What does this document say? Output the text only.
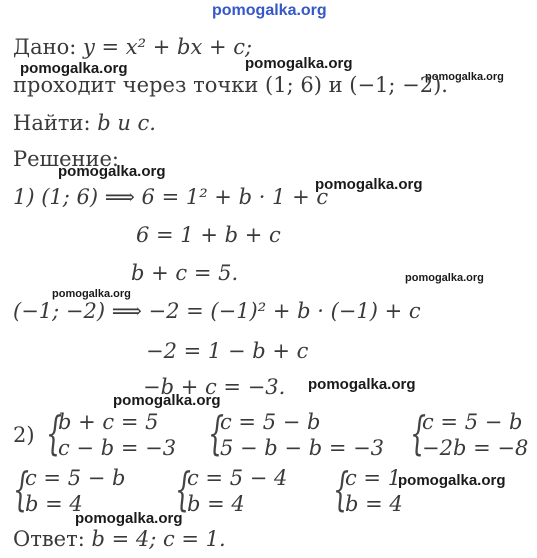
pomogalka.org
pomogalka.org	pomogalka.org
pomogalka.org
pomogalka.org
pomogalka.org
pomogalka.org
pomogalka.org
pomogalka.org
pomogalka.org
pomogalka.org
pomogalka.org
Дано: y = x² + bx + c;
проходит через точки (1; 6) и (−1; −2).
Найти: b и c.
Решение:
1) (1; 6) ⟹ 6 = 1² + b · 1 + c
6 = 1 + b + c
b + c = 5.
(−1; −2) ⟹ −2 = (−1)² + b · (−1) + c
−2 = 1 − b + c
−b + c = −3.
2) {
b + c = 5
c − b = −3 {
c = 5 − b
5 − b − b = −3 {
c = 5 − b
−2b = −8
{
c = 5 − b
b = 4 {
c = 5 − 4
b = 4 {
c = 1
b = 4
Ответ: b = 4; c = 1.
